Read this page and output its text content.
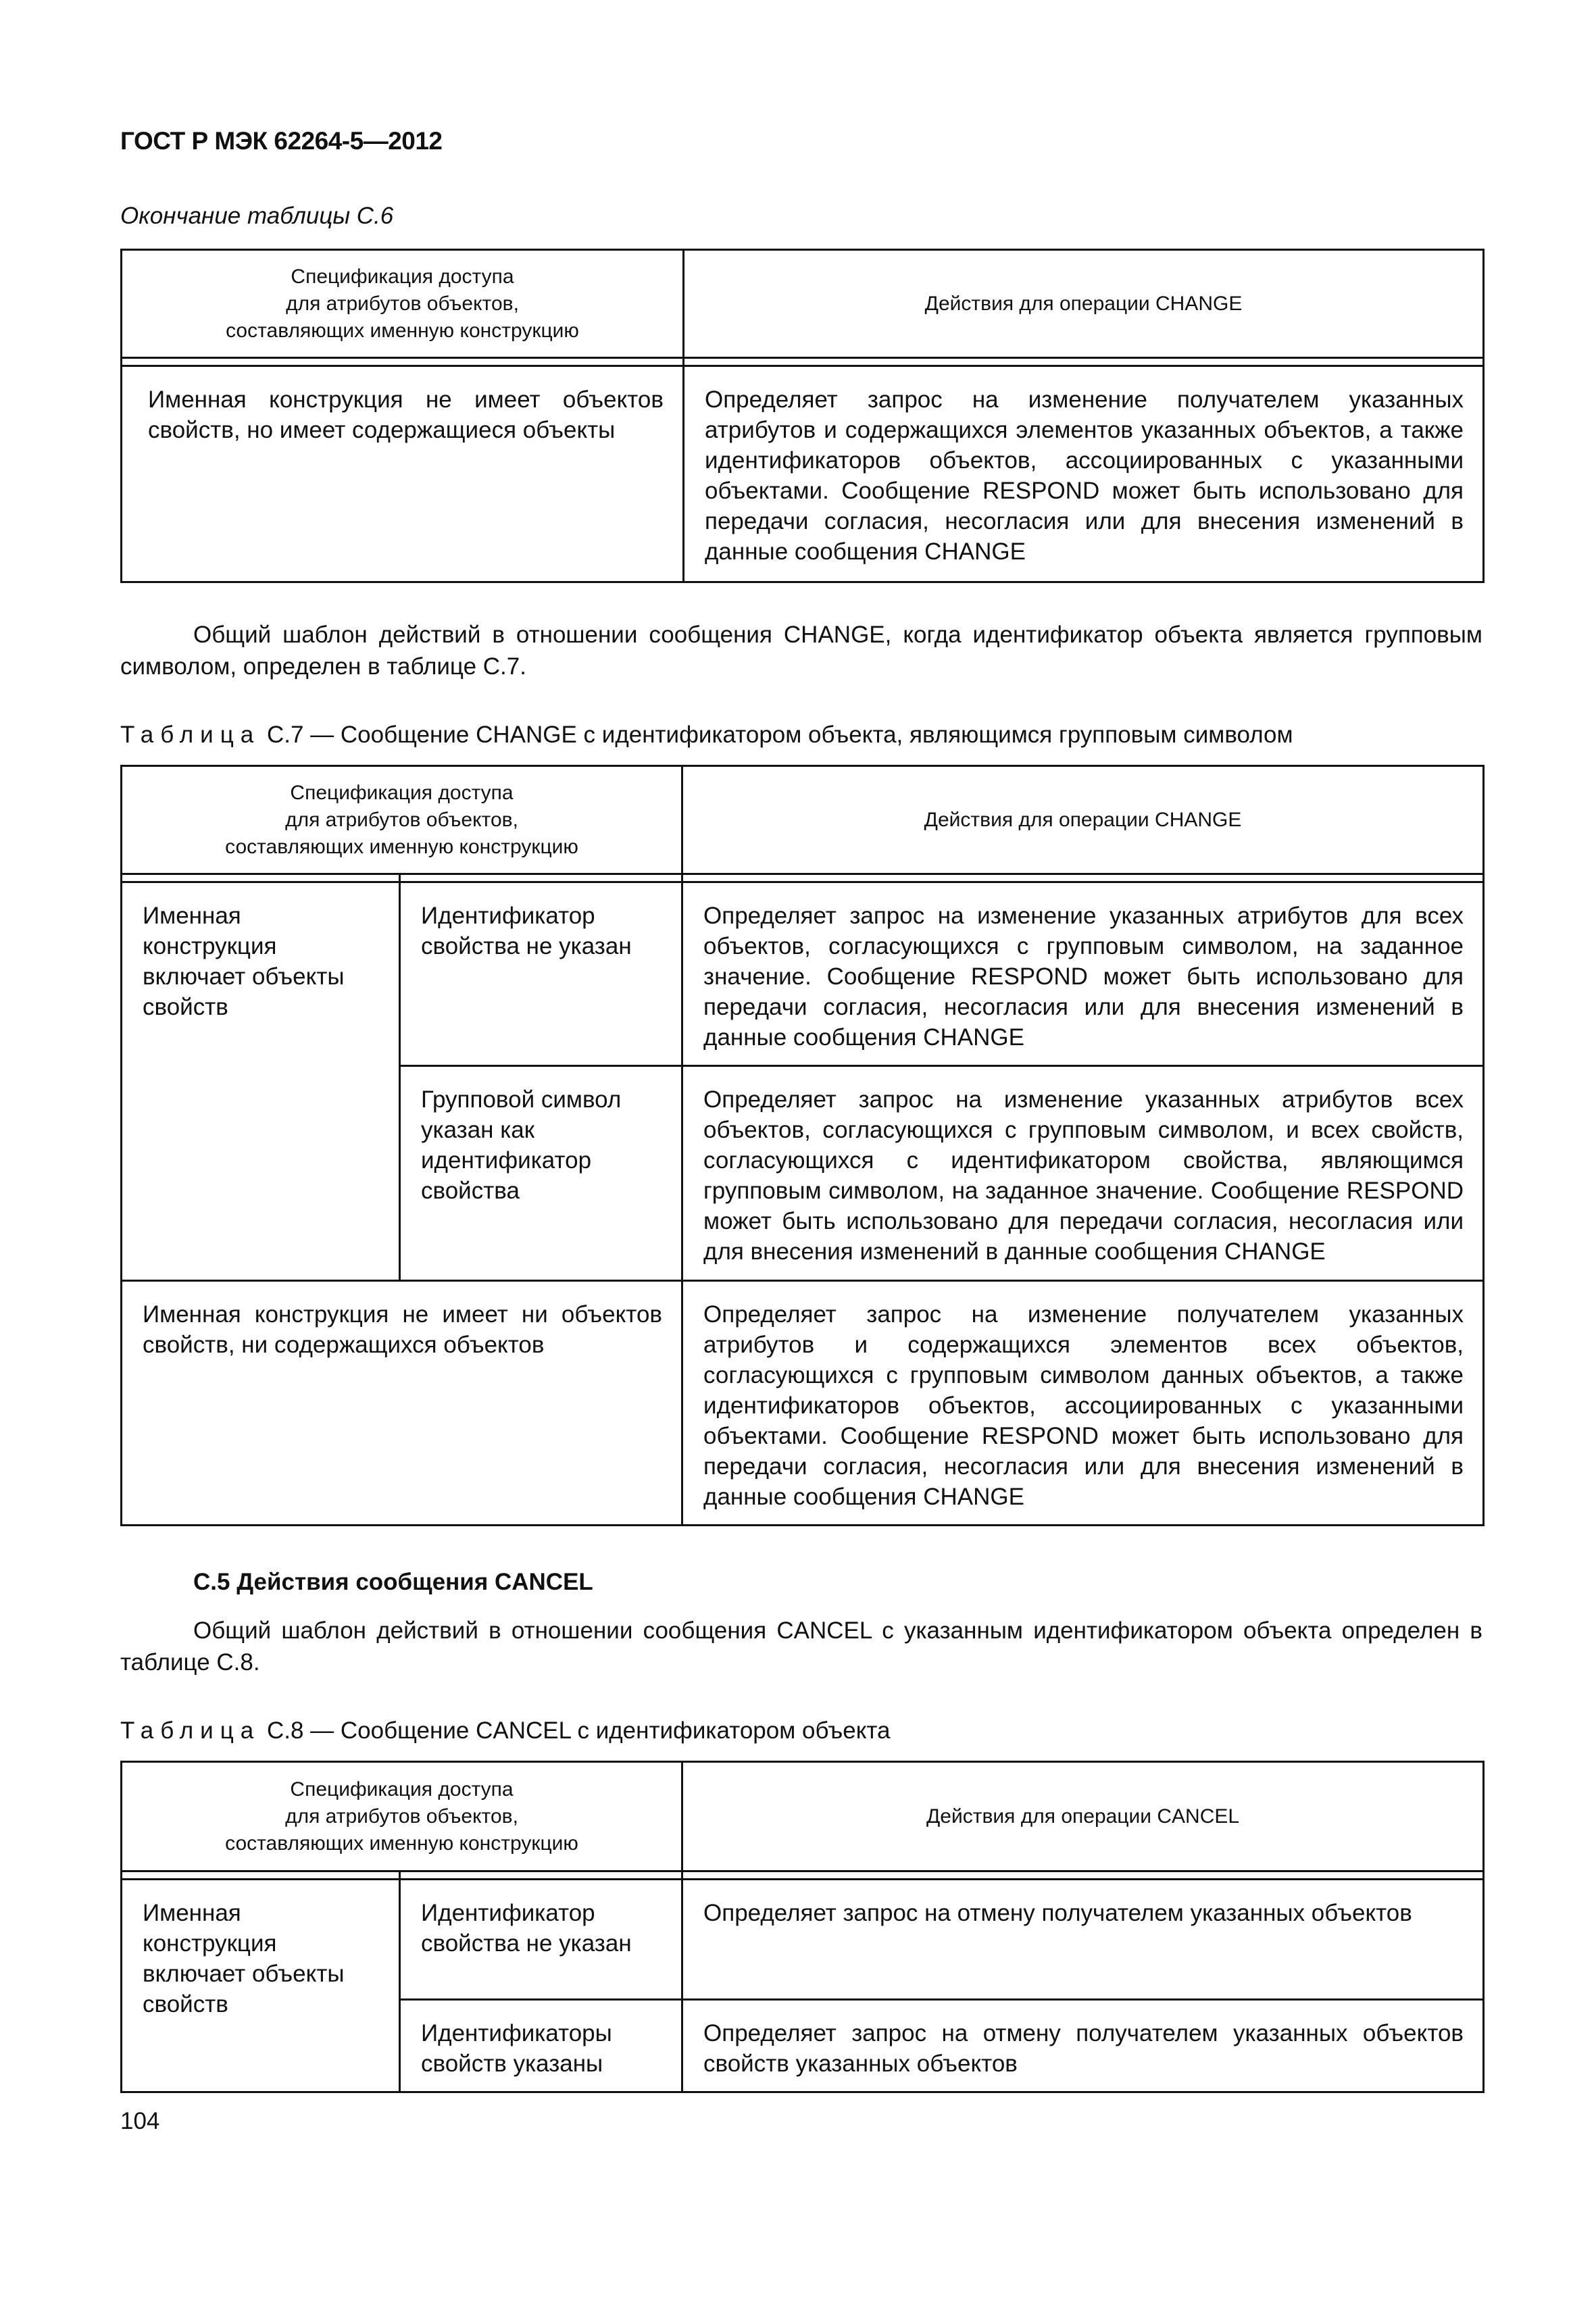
ГОСТ Р МЭК 62264-5—2012
Окончание таблицы С.6
Спецификация доступа
для атрибутов объектов,
составляющих именную конструкцию	Действия для операции CHANGE

Именная конструкция не имеет объектов свойств, но имеет содержащиеся объекты	Определяет запрос на изменение получателем указанных атрибутов и содержащихся элементов указанных объектов, а также идентификаторов объектов, ассоциированных с указанными объектами. Сообщение RESPOND может быть использовано для передачи согласия, несогласия или для внесения изменений в данные сообщения CHANGE
Общий шаблон действий в отношении сообщения CHANGE, когда идентификатор объекта является групповым символом, определен в таблице С.7.
Таблица С.7 — Сообщение CHANGE с идентификатором объекта, являющимся групповым символом
Спецификация доступа
для атрибутов объектов,
составляющих именную конструкцию		Действия для операции CHANGE

Именная конструкция включает объекты свойств	Идентификатор свойства не указан	Определяет запрос на изменение указанных атрибутов для всех объектов, согласующихся с групповым символом, на заданное значение. Сообщение RESPOND может быть использовано для передачи согласия, несогласия или для внесения изменений в данные сообщения CHANGE

	Групповой символ указан как идентификатор свойства	Определяет запрос на изменение указанных атрибутов всех объектов, согласующихся с групповым символом, и всех свойств, согласующихся с идентификатором свойства, являющимся групповым символом, на заданное значение. Сообщение RESPOND может быть использовано для передачи согласия, несогласия или для внесения изменений в данные сообщения CHANGE

Именная конструкция не имеет ни объектов свойств, ни содержащихся объектов		Определяет запрос на изменение получателем указанных атрибутов и содержащихся элементов всех объектов, согласующихся с групповым символом данных объектов, а также идентификаторов объектов, ассоциированных с указанными объектами. Сообщение RESPOND может быть использовано для передачи согласия, несогласия или для внесения изменений в данные сообщения CHANGE
С.5 Действия сообщения CANCEL
Общий шаблон действий в отношении сообщения CANCEL с указанным идентификатором объекта определен в таблице С.8.
Таблица С.8 — Сообщение CANCEL с идентификатором объекта
Спецификация доступа
для атрибутов объектов,
составляющих именную конструкцию		Действия для операции CANCEL

Именная конструкция включает объекты свойств	Идентификатор свойства не указан	Определяет запрос на отмену получателем указанных объектов

	Идентификаторы свойств указаны	Определяет запрос на отмену получателем указанных объектов свойств указанных объектов
104
